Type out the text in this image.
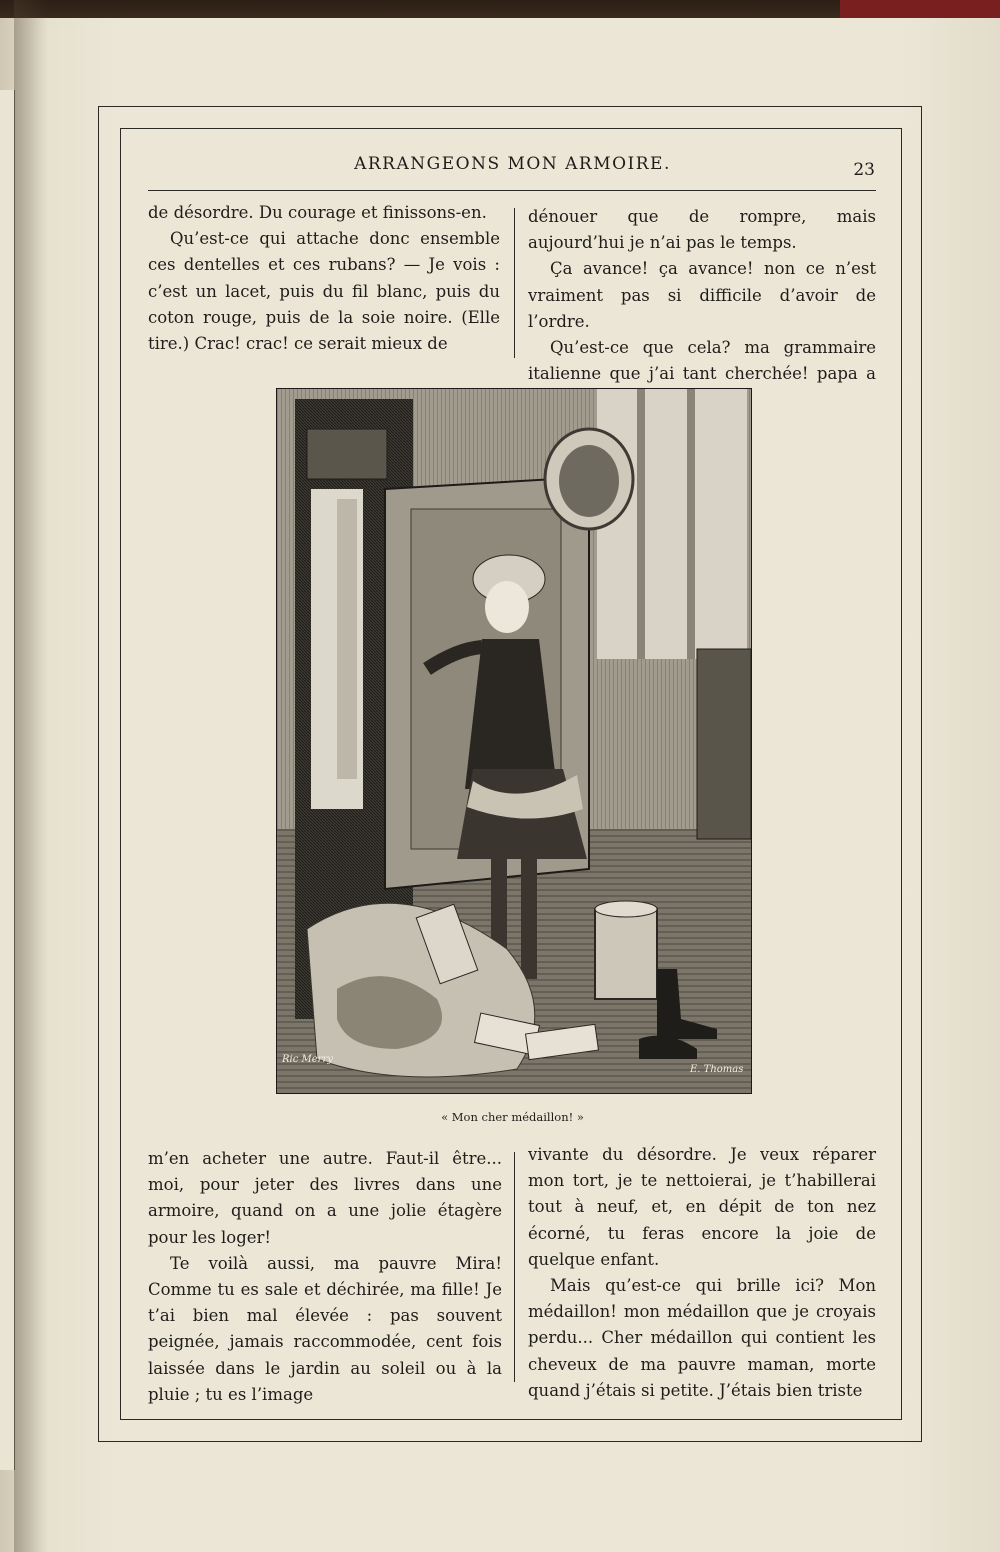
ARRANGEONS MON ARMOIRE.	23

de désordre. Du courage et finissons-en.

Qu’est-ce qui attache donc ensemble ces dentelles et ces rubans? — Je vois : c’est un lacet, puis du fil blanc, puis du coton rouge, puis de la soie noire. (Elle tire.) Crac! crac! ce serait mieux de

dénouer que de rompre, mais aujourd’hui je n’ai pas le temps.

Ça avance! ça avance! non ce n’est vraiment pas si difficile d’avoir de l’ordre.

Qu’est-ce que cela? ma grammaire italienne que j’ai tant cherchée! papa a

Ric Merry
E. Thomas
« Mon cher médaillon! »

m’en acheter une autre. Faut-il être... moi, pour jeter des livres dans une armoire, quand on a une jolie étagère pour les loger!

Te voilà aussi, ma pauvre Mira! Comme tu es sale et déchirée, ma fille! Je t’ai bien mal élevée : pas souvent peignée, jamais raccommodée, cent fois laissée dans le jardin au soleil ou à la pluie ; tu es l’image

vivante du désordre. Je veux réparer mon tort, je te nettoierai, je t’habillerai tout à neuf, et, en dépit de ton nez écorné, tu feras encore la joie de quelque enfant.

Mais qu’est-ce qui brille ici? Mon médaillon! mon médaillon que je croyais perdu... Cher médaillon qui contient les cheveux de ma pauvre maman, morte quand j’étais si petite. J’étais bien triste
